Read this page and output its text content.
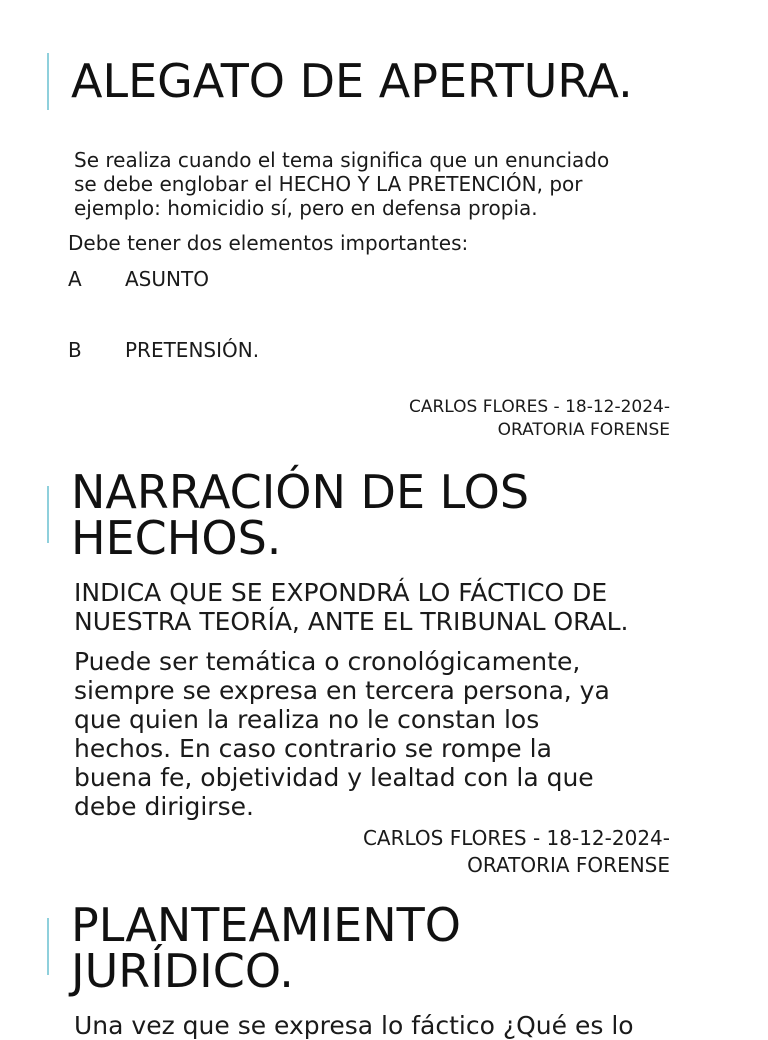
ALEGATO DE APERTURA.

Se realiza cuando el tema significa que un enunciado

se debe englobar el HECHO Y LA PRETENCIÓN, por

ejemplo: homicidio sí, pero en defensa propia.

Debe tener dos elementos importantes:

A ASUNTO
B PRETENSIÓN.
CARLOS FLORES - 18-12-2024-
ORATORIA FORENSE
NARRACIÓN DE LOS
HECHOS.

INDICA QUE SE EXPONDRÁ LO FÁCTICO DE

NUESTRA TEORÍA, ANTE EL TRIBUNAL ORAL.

Puede ser temática o cronológicamente,

siempre se expresa en tercera persona, ya

que quien la realiza no le constan los

hechos. En caso contrario se rompe la

buena fe, objetividad y lealtad con la que

debe dirigirse.

CARLOS FLORES - 18-12-2024-
ORATORIA FORENSE
PLANTEAMIENTO
JURÍDICO.

Una vez que se expresa lo fáctico ¿Qué es lo
